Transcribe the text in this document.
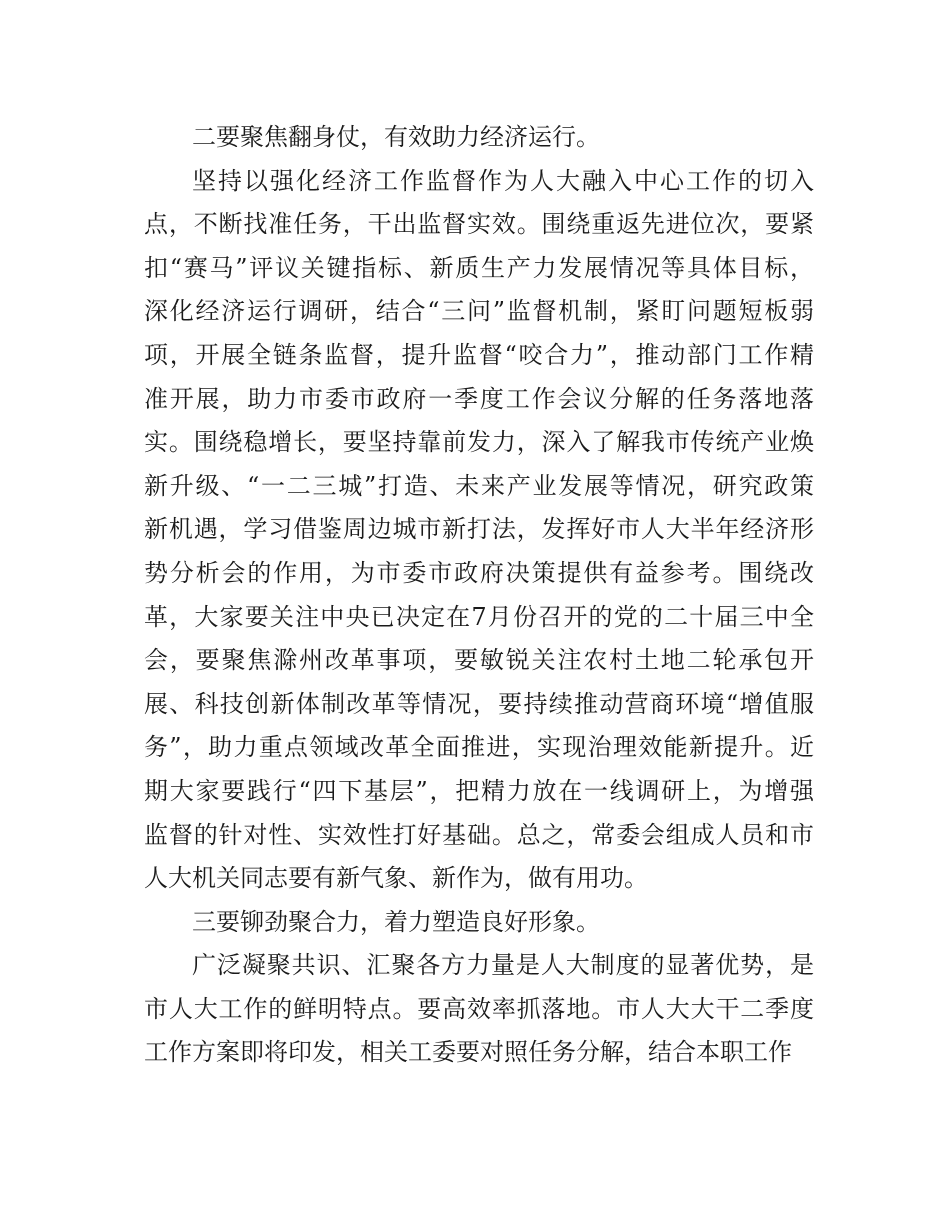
二要聚焦翻身仗，有效助力经济运行。
坚持以强化经济工作监督作为人大融入中心工作的切入
点，不断找准任务，干出监督实效。围绕重返先进位次，要紧
扣“赛马”评议关键指标、新质生产力发展情况等具体目标，
深化经济运行调研，结合“三问”监督机制，紧盯问题短板弱
项，开展全链条监督，提升监督“咬合力”，推动部门工作精
准开展，助力市委市政府一季度工作会议分解的任务落地落
实。围绕稳增长，要坚持靠前发力，深入了解我市传统产业焕
新升级、“一二三城”打造、未来产业发展等情况，研究政策
新机遇，学习借鉴周边城市新打法，发挥好市人大半年经济形
势分析会的作用，为市委市政府决策提供有益参考。围绕改
革，大家要关注中央已决定在7月份召开的党的二十届三中全
会，要聚焦滁州改革事项，要敏锐关注农村土地二轮承包开
展、科技创新体制改革等情况，要持续推动营商环境“增值服
务”，助力重点领域改革全面推进，实现治理效能新提升。近
期大家要践行“四下基层”，把精力放在一线调研上，为增强
监督的针对性、实效性打好基础。总之，常委会组成人员和市
人大机关同志要有新气象、新作为，做有用功。
三要铆劲聚合力，着力塑造良好形象。
广泛凝聚共识、汇聚各方力量是人大制度的显著优势，是
市人大工作的鲜明特点。要高效率抓落地。市人大大干二季度
工作方案即将印发，相关工委要对照任务分解，结合本职工作
